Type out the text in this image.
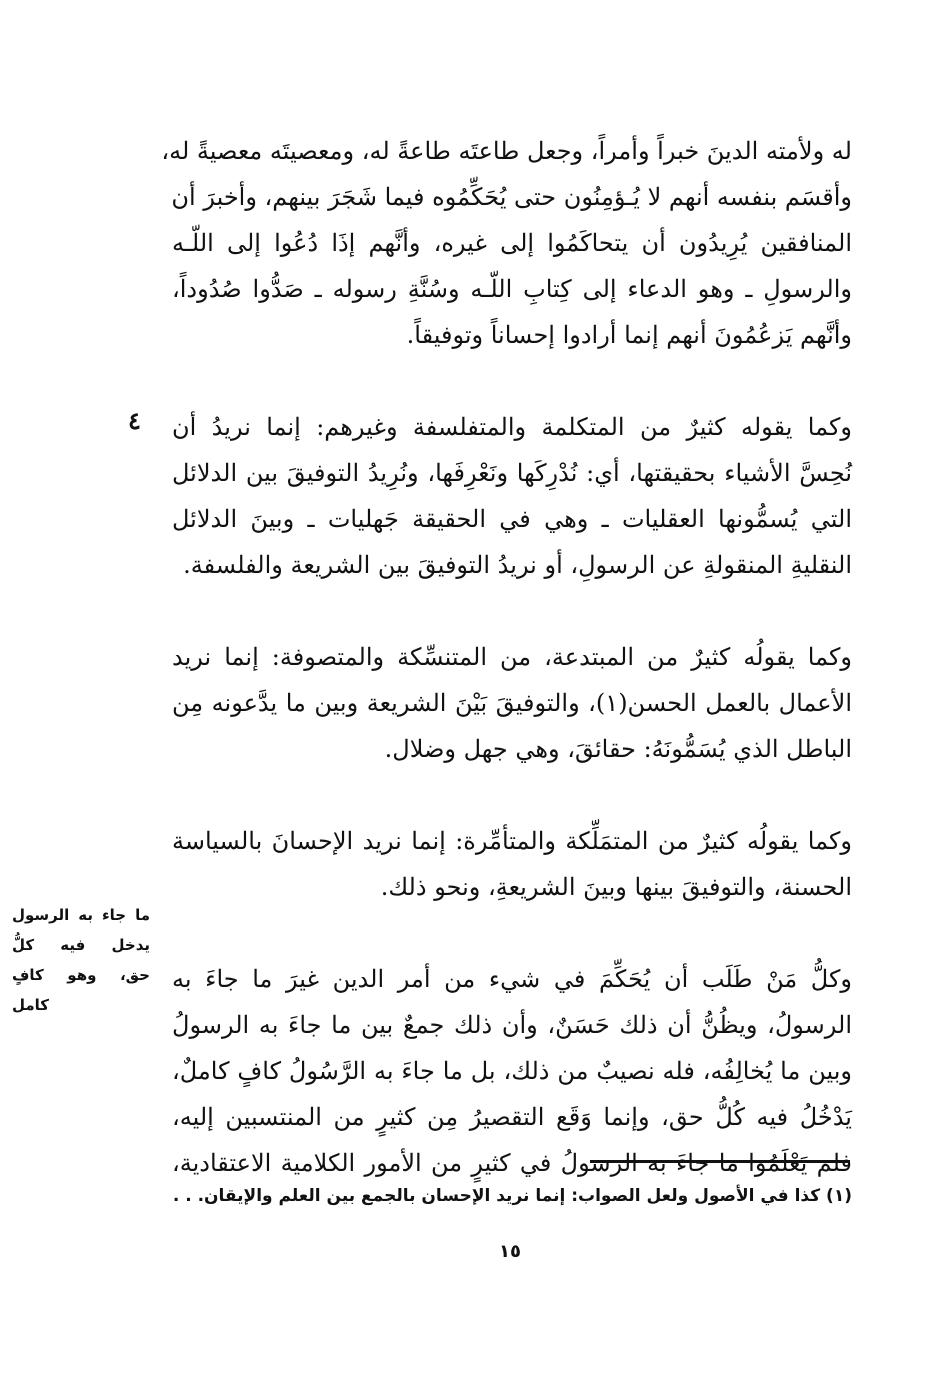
له ولأمته الدينَ خبراً وأمراً، وجعل طاعتَه طاعةً له، ومعصيتَه معصيةً له،
وأقسَم بنفسه أنهم لا يُـؤمِنُون حتى يُحَكِّمُوه فيما شَجَرَ بينهم، وأخبرَ أن
المنافقين يُرِيدُون أن يتحاكَمُوا إلى غيره، وأنَّهم إذَا دُعُوا إلى اللّـه
والرسولِ ـ وهو الدعاء إلى كِتابِ اللّـه وسُنَّةِ رسوله ـ صَدُّوا صُدُوداً،
وأنَّهم يَزعُمُونَ أنهم إنما أرادوا إحساناً وتوفيقاً.
وكما يقوله كثيرٌ من المتكلمة والمتفلسفة وغيرهم: إنما نريدُ أن
نُحِسَّ الأشياء بحقيقتها، أي: نُدْرِكَها ونَعْرِفَها، ونُرِيدُ التوفيقَ بين الدلائل
التي يُسمُّونها العقليات ـ وهي في الحقيقة جَهليات ـ وبينَ الدلائل
النقليةِ المنقولةِ عن الرسولِ، أو نريدُ التوفيقَ بين الشريعة والفلسفة.
وكما يقولُه كثيرٌ من المبتدعة، من المتنسِّكة والمتصوفة: إنما نريد
الأعمال بالعمل الحسن(١)، والتوفيقَ بَيْنَ الشريعة وبين ما يدَّعونه مِن
الباطل الذي يُسَمُّونَهُ: حقائقَ، وهي جهل وضلال.
وكما يقولُه كثيرٌ من المتمَلِّكة والمتأمِّرة: إنما نريد الإحسانَ بالسياسة
الحسنة، والتوفيقَ بينها وبينَ الشريعةِ، ونحو ذلك.
وكلُّ مَنْ طَلَب أن يُحَكِّمَ في شيء من أمر الدين غيرَ ما جاءَ به
الرسولُ، ويظُنُّ أن ذلك حَسَنٌ، وأن ذلك جمعٌ بين ما جاءَ به الرسولُ
وبين ما يُخالِفُه، فله نصيبٌ من ذلك، بل ما جاءَ به الرَّسُولُ كافٍ كاملٌ،
يَدْخُلُ فيه كُلُّ حق، وإنما وَقَع التقصيرُ مِن كثيرٍ من المنتسبين إليه،
فلم يَعْلَمُوا ما جاءَ به الرسولُ في كثيرٍ من الأمور الكلامية الاعتقادية،
٤
ما جاء به الرسول
يدخل فيه كلُّ
حق، وهو كافٍ
كامل
(١) كذا في الأصول ولعل الصواب: إنما نريد الإحسان بالجمع بين العلم والإيقان. . .
١٥
